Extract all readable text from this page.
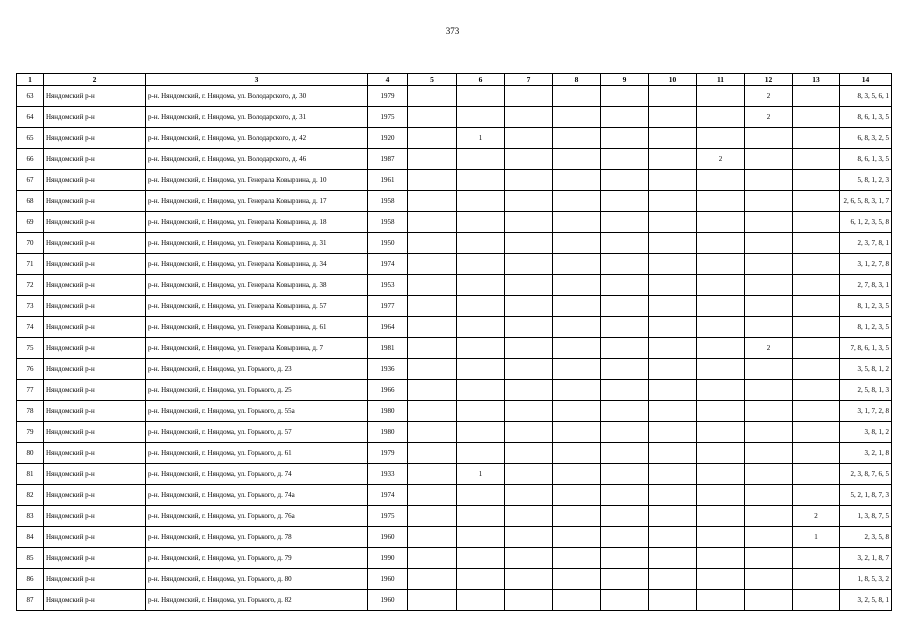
373
1	2	3	4	5	6	7	8	9	10	11	12	13	14
63	Няндомский р-н	р-н. Няндомский, г. Няндома, ул. Володарского, д. 30	1979								2		8, 3, 5, 6, 1
64	Няндомский р-н	р-н. Няндомский, г. Няндома, ул. Володарского, д. 31	1975								2		8, 6, 1, 3, 5
65	Няндомский р-н	р-н. Няндомский, г. Няндома, ул. Володарского, д. 42	1920		1								6, 8, 3, 2, 5
66	Няндомский р-н	р-н. Няндомский, г. Няндома, ул. Володарского, д. 46	1987							2			8, 6, 1, 3, 5
67	Няндомский р-н	р-н. Няндомский, г. Няндома, ул. Генерала Ковырзина, д. 10	1961										5, 8, 1, 2, 3
68	Няндомский р-н	р-н. Няндомский, г. Няндома, ул. Генерала Ковырзина, д. 17	1958										2, 6, 5, 8, 3, 1, 7
69	Няндомский р-н	р-н. Няндомский, г. Няндома, ул. Генерала Ковырзина, д. 18	1958										6, 1, 2, 3, 5, 8
70	Няндомский р-н	р-н. Няндомский, г. Няндома, ул. Генерала Ковырзина, д. 31	1950										2, 3, 7, 8, 1
71	Няндомский р-н	р-н. Няндомский, г. Няндома, ул. Генерала Ковырзина, д. 34	1974										3, 1, 2, 7, 8
72	Няндомский р-н	р-н. Няндомский, г. Няндома, ул. Генерала Ковырзина, д. 38	1953										2, 7, 8, 3, 1
73	Няндомский р-н	р-н. Няндомский, г. Няндома, ул. Генерала Ковырзина, д. 57	1977										8, 1, 2, 3, 5
74	Няндомский р-н	р-н. Няндомский, г. Няндома, ул. Генерала Ковырзина, д. 61	1964										8, 1, 2, 3, 5
75	Няндомский р-н	р-н. Няндомский, г. Няндома, ул. Генерала Ковырзина, д. 7	1981								2		7, 8, 6, 1, 3, 5
76	Няндомский р-н	р-н. Няндомский, г. Няндома, ул. Горького, д. 23	1936										3, 5, 8, 1, 2
77	Няндомский р-н	р-н. Няндомский, г. Няндома, ул. Горького, д. 25	1966										2, 5, 8, 1, 3
78	Няндомский р-н	р-н. Няндомский, г. Няндома, ул. Горького, д. 55а	1980										3, 1, 7, 2, 8
79	Няндомский р-н	р-н. Няндомский, г. Няндома, ул. Горького, д. 57	1980										3, 8, 1, 2
80	Няндомский р-н	р-н. Няндомский, г. Няндома, ул. Горького, д. 61	1979										3, 2, 1, 8
81	Няндомский р-н	р-н. Няндомский, г. Няндома, ул. Горького, д. 74	1933		1								2, 3, 8, 7, 6, 5
82	Няндомский р-н	р-н. Няндомский, г. Няндома, ул. Горького, д. 74а	1974										5, 2, 1, 8, 7, 3
83	Няндомский р-н	р-н. Няндомский, г. Няндома, ул. Горького, д. 76а	1975									2	1, 3, 8, 7, 5
84	Няндомский р-н	р-н. Няндомский, г. Няндома, ул. Горького, д. 78	1960									1	2, 3, 5, 8
85	Няндомский р-н	р-н. Няндомский, г. Няндома, ул. Горького, д. 79	1990										3, 2, 1, 8, 7
86	Няндомский р-н	р-н. Няндомский, г. Няндома, ул. Горького, д. 80	1960										1, 8, 5, 3, 2
87	Няндомский р-н	р-н. Няндомский, г. Няндома, ул. Горького, д. 82	1960										3, 2, 5, 8, 1
